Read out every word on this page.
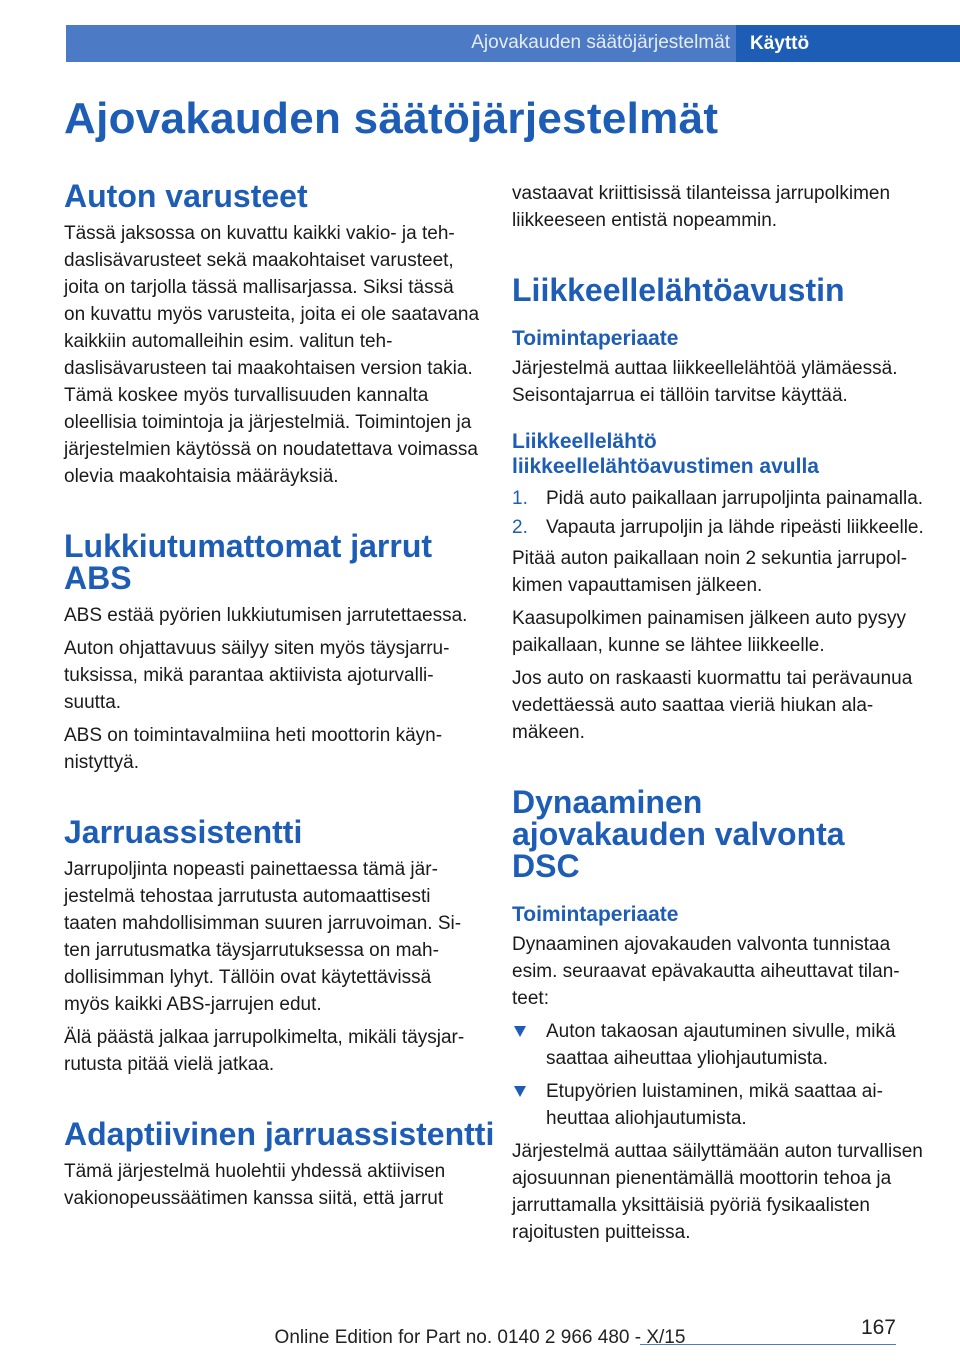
Ajovakauden säätöjärjestelmät	Käyttö
Ajovakauden säätöjärjestelmät
Auton varusteet

Tässä jaksossa on kuvattu kaikki vakio- ja tehdaslisävarusteet sekä maakohtaiset varusteet, joita on tarjolla tässä mallisarjassa. Siksi tässä on kuvattu myös varusteita, joita ei ole saatavana kaikkiin automalleihin esim. valitun tehdaslisävarusteen tai maakohtaisen version takia. Tämä koskee myös turvallisuuden kannalta oleellisia toimintoja ja järjestelmiä. Toimintojen ja järjestelmien käytössä on noudatettava voimassa olevia maakohtaisia määräyksiä.

Lukkiutumattomat jarrut ABS

ABS estää pyörien lukkiutumisen jarrutettaessa.

Auton ohjattavuus säilyy siten myös täysjarrutuksissa, mikä parantaa aktiivista ajoturvallisuutta.

ABS on toimintavalmiina heti moottorin käynnistyttyä.

Jarruassistentti

Jarrupoljinta nopeasti painettaessa tämä järjestelmä tehostaa jarrutusta automaattisesti taaten mahdollisimman suuren jarruvoiman. Siten jarrutusmatka täysjarrutuksessa on mahdollisimman lyhyt. Tällöin ovat käytettävissä myös kaikki ABS-jarrujen edut.

Älä päästä jalkaa jarrupolkimelta, mikäli täysjarrutusta pitää vielä jatkaa.

Adaptiivinen jarruassistentti

Tämä järjestelmä huolehtii yhdessä aktiivisen vakionopeussäätimen kanssa siitä, että jarrut

vastaavat kriittisissä tilanteissa jarrupolkimen liikkeeseen entistä nopeammin.

Liikkeellelähtöavustin
Toimintaperiaate

Järjestelmä auttaa liikkeellelähtöä ylämäessä. Seisontajarrua ei tällöin tarvitse käyttää.

Liikkeellelähtö
liikkeellelähtöavustimen avulla
1. Pidä auto paikallaan jarrupoljinta painamalla.
2. Vapauta jarrupoljin ja lähde ripeästi liikkeelle.

Pitää auton paikallaan noin 2 sekuntia jarrupolkimen vapauttamisen jälkeen.

Kaasupolkimen painamisen jälkeen auto pysyy paikallaan, kunne se lähtee liikkeelle.

Jos auto on raskaasti kuormattu tai perävaunua vedettäessä auto saattaa vieriä hiukan alamäkeen.

Dynaaminen ajovakauden valvonta DSC
Toimintaperiaate

Dynaaminen ajovakauden valvonta tunnistaa esim. seuraavat epävakautta aiheuttavat tilanteet:

Auton takaosan ajautuminen sivulle, mikä saattaa aiheuttaa yliohjautumista.
Etupyörien luistaminen, mikä saattaa aiheuttaa aliohjautumista.

Järjestelmä auttaa säilyttämään auton turvallisen ajosuunnan pienentämällä moottorin tehoa ja jarruttamalla yksittäisiä pyöriä fysikaalisten rajoitusten puitteissa.

167
Online Edition for Part no. 0140 2 966 480 - X/15
